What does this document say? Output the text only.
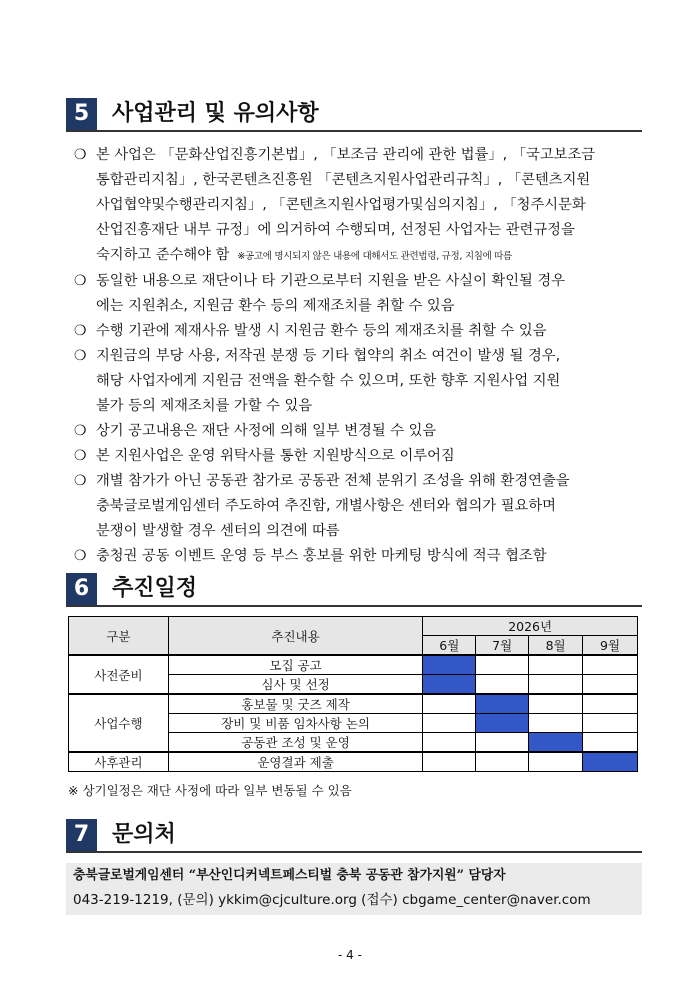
5	사업관리 및 유의사항
❍ 본 사업은 「문화산업진흥기본법」, 「보조금 관리에 관한 법률」, 「국고보조금
통합관리지침」, 한국콘텐츠진흥원 「콘텐츠지원사업관리규칙」, 「콘텐츠지원
사업협약및수행관리지침」, 「콘텐츠지원사업평가및심의지침」, 「청주시문화
산업진흥재단 내부 규정」에 의거하여 수행되며, 선정된 사업자는 관련규정을
숙지하고 준수해야 함 ※공고에 명시되지 않은 내용에 대해서도 관련법령, 규정, 지침에 따름
❍ 동일한 내용으로 재단이나 타 기관으로부터 지원을 받은 사실이 확인될 경우
에는 지원취소, 지원금 환수 등의 제재조치를 취할 수 있음
❍ 수행 기관에 제재사유 발생 시 지원금 환수 등의 제재조치를 취할 수 있음
❍ 지원금의 부당 사용, 저작권 분쟁 등 기타 협약의 취소 여건이 발생 될 경우,
해당 사업자에게 지원금 전액을 환수할 수 있으며, 또한 향후 지원사업 지원
불가 등의 제재조치를 가할 수 있음
❍ 상기 공고내용은 재단 사정에 의해 일부 변경될 수 있음
❍ 본 지원사업은 운영 위탁사를 통한 지원방식으로 이루어짐
❍ 개별 참가가 아닌 공동관 참가로 공동관 전체 분위기 조성을 위해 환경연출을
충북글로벌게임센터 주도하여 추진함, 개별사항은 센터와 협의가 필요하며
분쟁이 발생할 경우 센터의 의견에 따름
❍ 충청권 공동 이벤트 운영 등 부스 홍보를 위한 마케팅 방식에 적극 협조함
6	추진일정
구분	추진내용	2026년			
		6월	7월	8월	9월
사전준비	모집 공고				
	심사 및 선정				
사업수행	홍보물 및 굿즈 제작				
	장비 및 비품 임차사항 논의				
	공동관 조성 및 운영				
사후관리	운영결과 제출				
※ 상기일정은 재단 사정에 따라 일부 변동될 수 있음
7	문의처
충북글로벌게임센터 “부산인디커넥트페스티벌 충북 공동관 참가지원” 담당자
043-219-1219, (문의) ykkim@cjculture.org (접수) cbgame_center@naver.com
- 4 -
